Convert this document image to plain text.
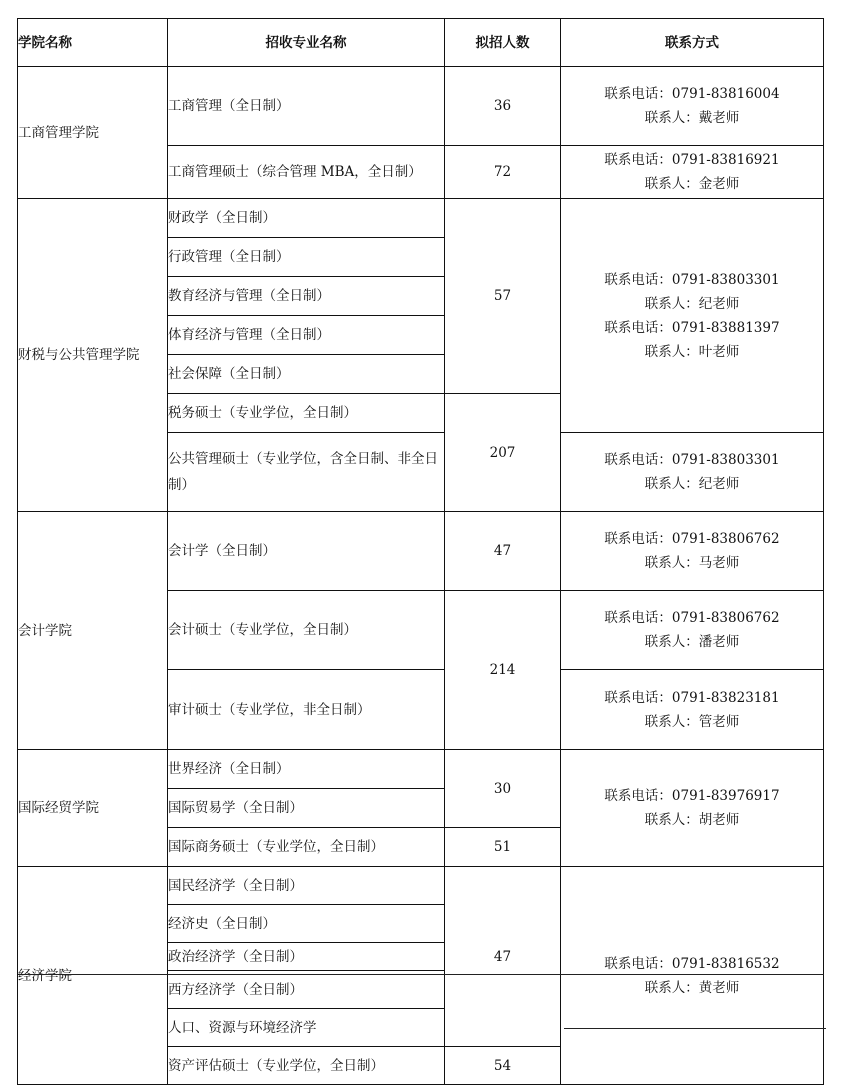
学院名称	招收专业名称	拟招人数	联系方式
工商管理学院	工商管理（全日制）	36	联系电话：0791-83816004
联系人：戴老师

	工商管理硕士（综合管理 MBA，全日制）	72	联系电话：0791-83816921
联系人：金老师

财税与公共管理学院	财政学（全日制）	57	联系电话：0791-83803301
联系人：纪老师
联系电话：0791-83881397
联系人：叶老师

	行政管理（全日制）		
	教育经济与管理（全日制）		
	体育经济与管理（全日制）		
	社会保障（全日制）		
	税务硕士（专业学位，全日制）	207	
	公共管理硕士（专业学位，含全日制、非全日制）		联系电话：0791-83803301
联系人：纪老师

会计学院	会计学（全日制）	47	联系电话：0791-83806762
联系人：马老师

	会计硕士（专业学位，全日制）	214	联系电话：0791-83806762
联系人：潘老师

	审计硕士（专业学位，非全日制）		联系电话：0791-83823181
联系人：管老师

国际经贸学院	世界经济（全日制）	30	联系电话：0791-83976917
联系人：胡老师

	国际贸易学（全日制）		
	国际商务硕士（专业学位，全日制）	51	
经济学院	国民经济学（全日制）	47	联系电话：0791-83816532
联系人：黄老师

	经济史（全日制）		
	政治经济学（全日制）		
	西方经济学（全日制）		
	人口、资源与环境经济学		
	资产评估硕士（专业学位，全日制）	54	
